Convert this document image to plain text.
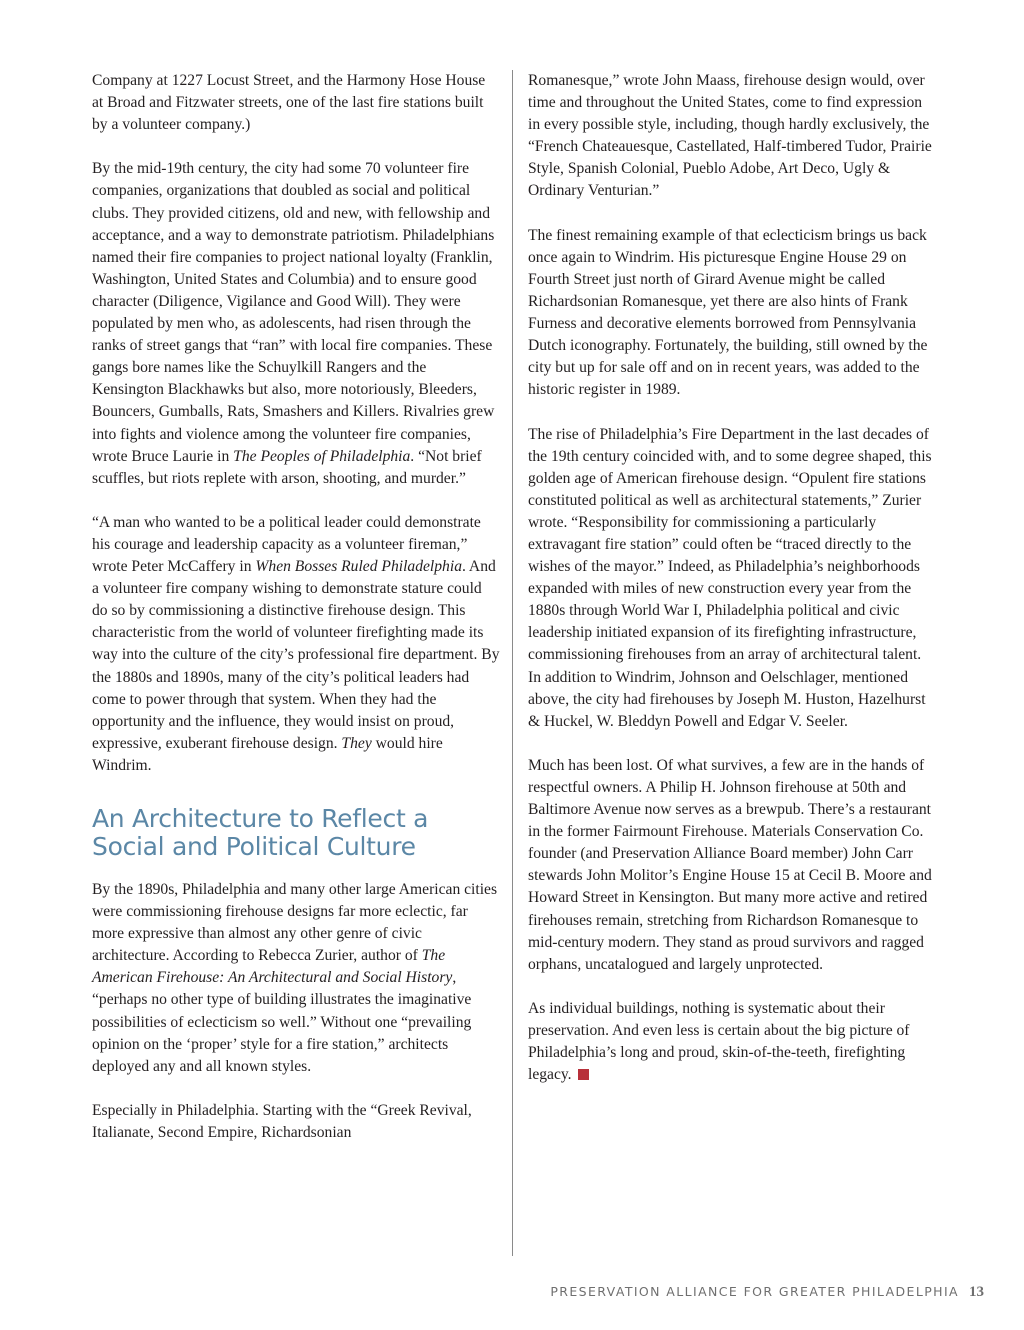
Company at 1227 Locust Street, and the Harmony Hose House at Broad and Fitzwater streets, one of the last fire stations built by a volunteer company.)

By the mid-19th century, the city had some 70 volunteer fire companies, organizations that doubled as social and political clubs. They provided citizens, old and new, with fellowship and acceptance, and a way to demonstrate patriotism. Philadelphians named their fire companies to project national loyalty (Franklin, Washington, United States and Columbia) and to ensure good character (Diligence, Vigilance and Good Will). They were populated by men who, as adolescents, had risen through the ranks of street gangs that “ran” with local fire companies. These gangs bore names like the Schuylkill Rangers and the Kensington Blackhawks but also, more notoriously, Bleeders, Bouncers, Gumballs, Rats, Smashers and Killers. Rivalries grew into fights and violence among the volunteer fire companies, wrote Bruce Laurie in The Peoples of Philadelphia. “Not brief scuffles, but riots replete with arson, shooting, and murder.”

“A man who wanted to be a political leader could demonstrate his courage and leadership capacity as a volunteer fireman,” wrote Peter McCaffery in When Bosses Ruled Philadelphia. And a volunteer fire company wishing to demonstrate stature could do so by commissioning a distinctive firehouse design. This characteristic from the world of volunteer firefighting made its way into the culture of the city’s professional fire department. By the 1880s and 1890s, many of the city’s political leaders had come to power through that system. When they had the opportunity and the influence, they would insist on proud, expressive, exuberant firehouse design. They would hire Windrim.

An Architecture to Reflect a Social and Political Culture

By the 1890s, Philadelphia and many other large American cities were commissioning firehouse designs far more eclectic, far more expressive than almost any other genre of civic architecture. According to Rebecca Zurier, author of The American Firehouse: An Architectural and Social History, “perhaps no other type of building illustrates the imaginative possibilities of eclecticism so well.” Without one “prevailing opinion on the ‘proper’ style for a fire station,” architects deployed any and all known styles.

Especially in Philadelphia. Starting with the “Greek Revival, Italianate, Second Empire, Richardsonian

Romanesque,” wrote John Maass, firehouse design would, over time and throughout the United States, come to find expression in every possible style, including, though hardly exclusively, the “French Chateauesque, Castellated, Half-timbered Tudor, Prairie Style, Spanish Colonial, Pueblo Adobe, Art Deco, Ugly & Ordinary Venturian.”

The finest remaining example of that eclecticism brings us back once again to Windrim. His picturesque Engine House 29 on Fourth Street just north of Girard Avenue might be called Richardsonian Romanesque, yet there are also hints of Frank Furness and decorative elements borrowed from Pennsylvania Dutch iconography. Fortunately, the building, still owned by the city but up for sale off and on in recent years, was added to the historic register in 1989.

The rise of Philadelphia’s Fire Department in the last decades of the 19th century coincided with, and to some degree shaped, this golden age of American firehouse design. “Opulent fire stations constituted political as well as architectural statements,” Zurier wrote. “Responsibility for commissioning a particularly extravagant fire station” could often be “traced directly to the wishes of the mayor.” Indeed, as Philadelphia’s neighborhoods expanded with miles of new construction every year from the 1880s through World War I, Philadelphia political and civic leadership initiated expansion of its firefighting infrastructure, commissioning firehouses from an array of architectural talent. In addition to Windrim, Johnson and Oelschlager, mentioned above, the city had firehouses by Joseph M. Huston, Hazelhurst & Huckel, W. Bleddyn Powell and Edgar V. Seeler.

Much has been lost. Of what survives, a few are in the hands of respectful owners. A Philip H. Johnson firehouse at 50th and Baltimore Avenue now serves as a brewpub. There’s a restaurant in the former Fairmount Firehouse. Materials Conservation Co. founder (and Preservation Alliance Board member) John Carr stewards John Molitor’s Engine House 15 at Cecil B. Moore and Howard Street in Kensington. But many more active and retired firehouses remain, stretching from Richardson Romanesque to mid-century modern. They stand as proud survivors and ragged orphans, uncatalogued and largely unprotected.

As individual buildings, nothing is systematic about their preservation. And even less is certain about the big picture of Philadelphia’s long and proud, skin-of-the-teeth, firefighting legacy.

PRESERVATION ALLIANCE FOR GREATER PHILADELPHIA 13
